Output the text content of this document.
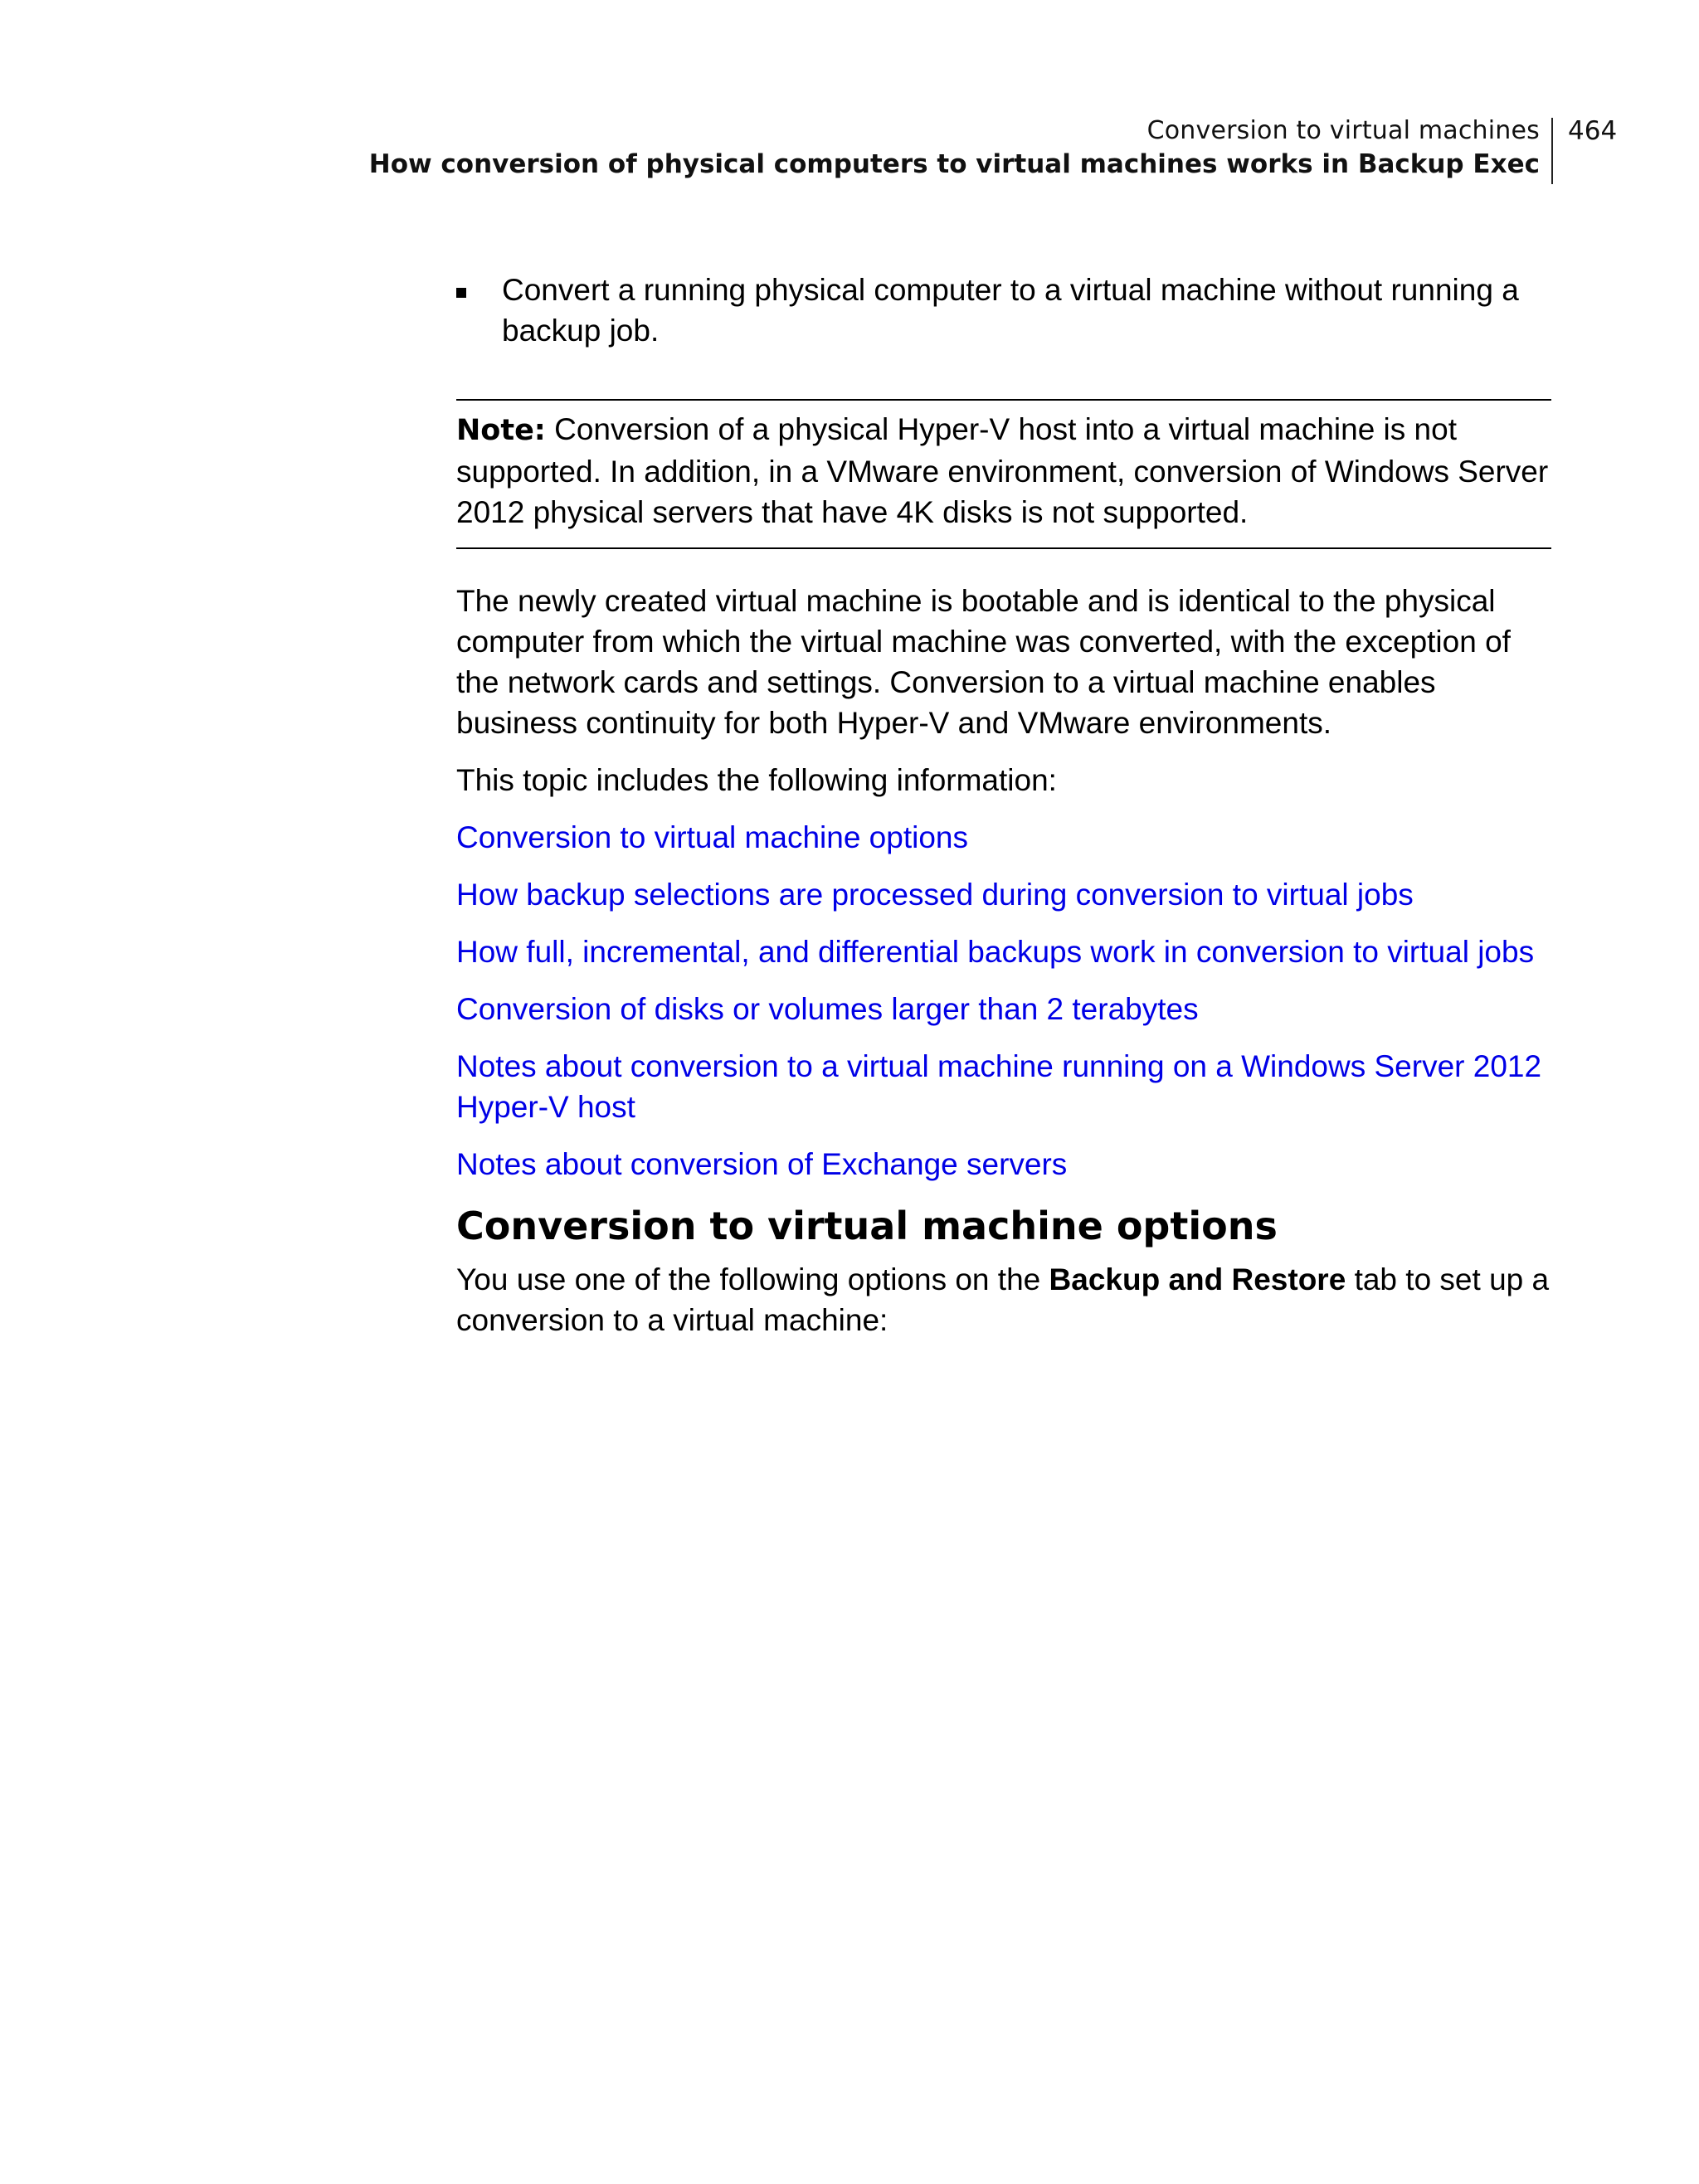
Conversion to virtual machines
How conversion of physical computers to virtual machines works in Backup Exec
464

Convert a running physical computer to a virtual machine without running a backup job.

Note: Conversion of a physical Hyper-V host into a virtual machine is not supported. In addition, in a VMware environment, conversion of Windows Server 2012 physical servers that have 4K disks is not supported.

The newly created virtual machine is bootable and is identical to the physical computer from which the virtual machine was converted, with the exception of the network cards and settings. Conversion to a virtual machine enables business continuity for both Hyper-V and VMware environments.

This topic includes the following information:

Conversion to virtual machine options
How backup selections are processed during conversion to virtual jobs
How full, incremental, and differential backups work in conversion to virtual jobs
Conversion of disks or volumes larger than 2 terabytes
Notes about conversion to a virtual machine running on a Windows Server 2012 Hyper-V host
Notes about conversion of Exchange servers
Conversion to virtual machine options

You use one of the following options on the Backup and Restore tab to set up a conversion to a virtual machine:
